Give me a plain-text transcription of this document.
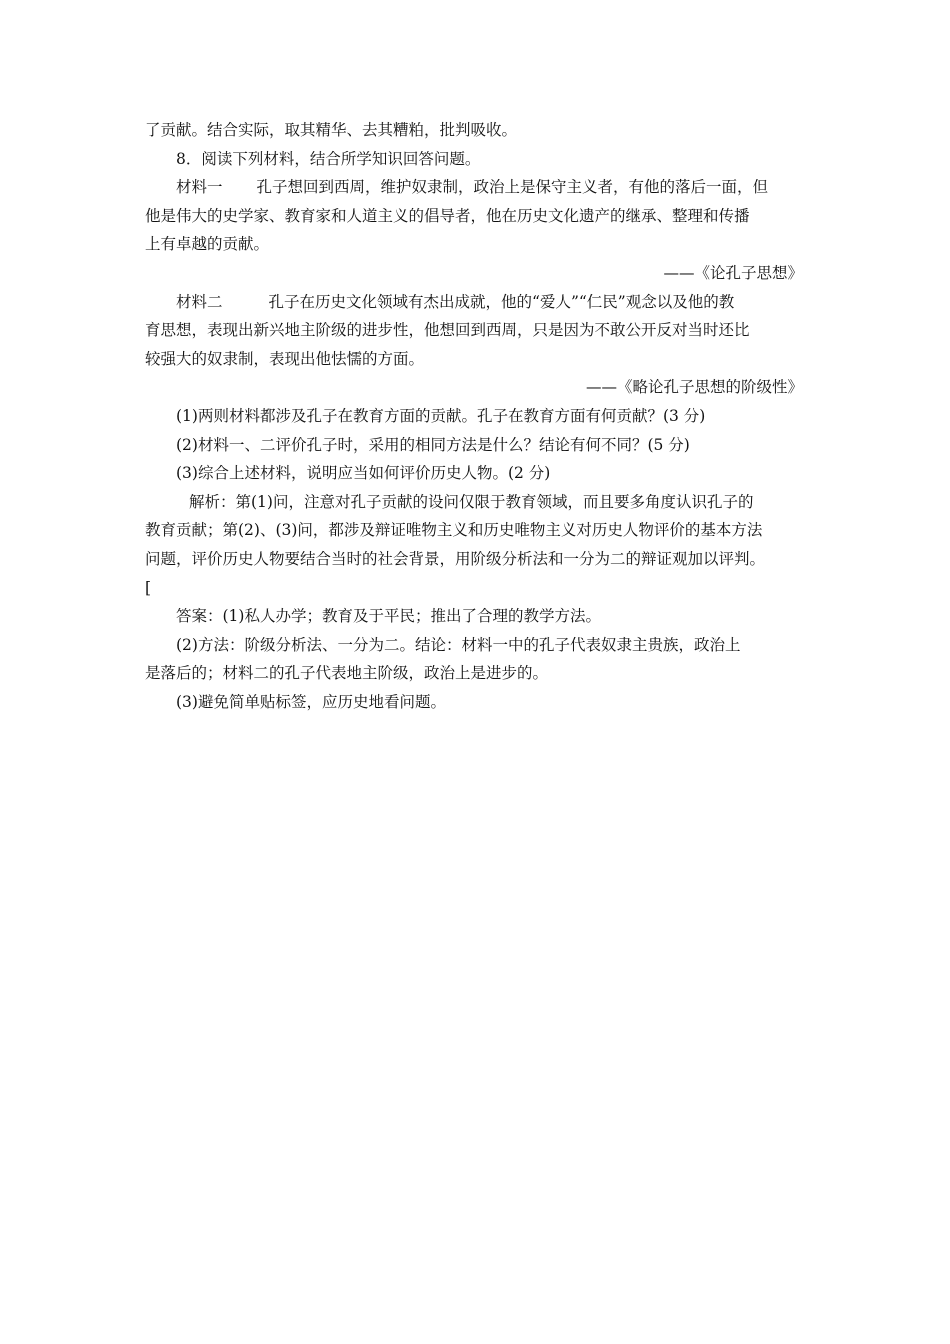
了贡献。结合实际，取其精华、去其糟粕，批判吸收。
8．阅读下列材料，结合所学知识回答问题。
材料一 孔子想回到西周，维护奴隶制，政治上是保守主义者，有他的落后一面，但
他是伟大的史学家、教育家和人道主义的倡导者，他在历史文化遗产的继承、整理和传播
上有卓越的贡献。
——《论孔子思想》
材料二	孔子在历史文化领域有杰出成就，他的“爱人”“仁民”观念以及他的教
育思想，表现出新兴地主阶级的进步性，他想回到西周，只是因为不敢公开反对当时还比
较强大的奴隶制，表现出他怯懦的方面。
——《略论孔子思想的阶级性》
(1)两则材料都涉及孔子在教育方面的贡献。孔子在教育方面有何贡献？(3 分)
(2)材料一、二评价孔子时，采用的相同方法是什么？结论有何不同？(5 分)
(3)综合上述材料，说明应当如何评价历史人物。(2 分)
解析：第(1)问，注意对孔子贡献的设问仅限于教育领域，而且要多角度认识孔子的
教育贡献；第(2)、(3)问，都涉及辩证唯物主义和历史唯物主义对历史人物评价的基本方法
问题，评价历史人物要结合当时的社会背景，用阶级分析法和一分为二的辩证观加以评判。
[
答案：(1)私人办学；教育及于平民；推出了合理的教学方法。
(2)方法：阶级分析法、一分为二。结论：材料一中的孔子代表奴隶主贵族，政治上
是落后的；材料二的孔子代表地主阶级，政治上是进步的。
(3)避免简单贴标签，应历史地看问题。
